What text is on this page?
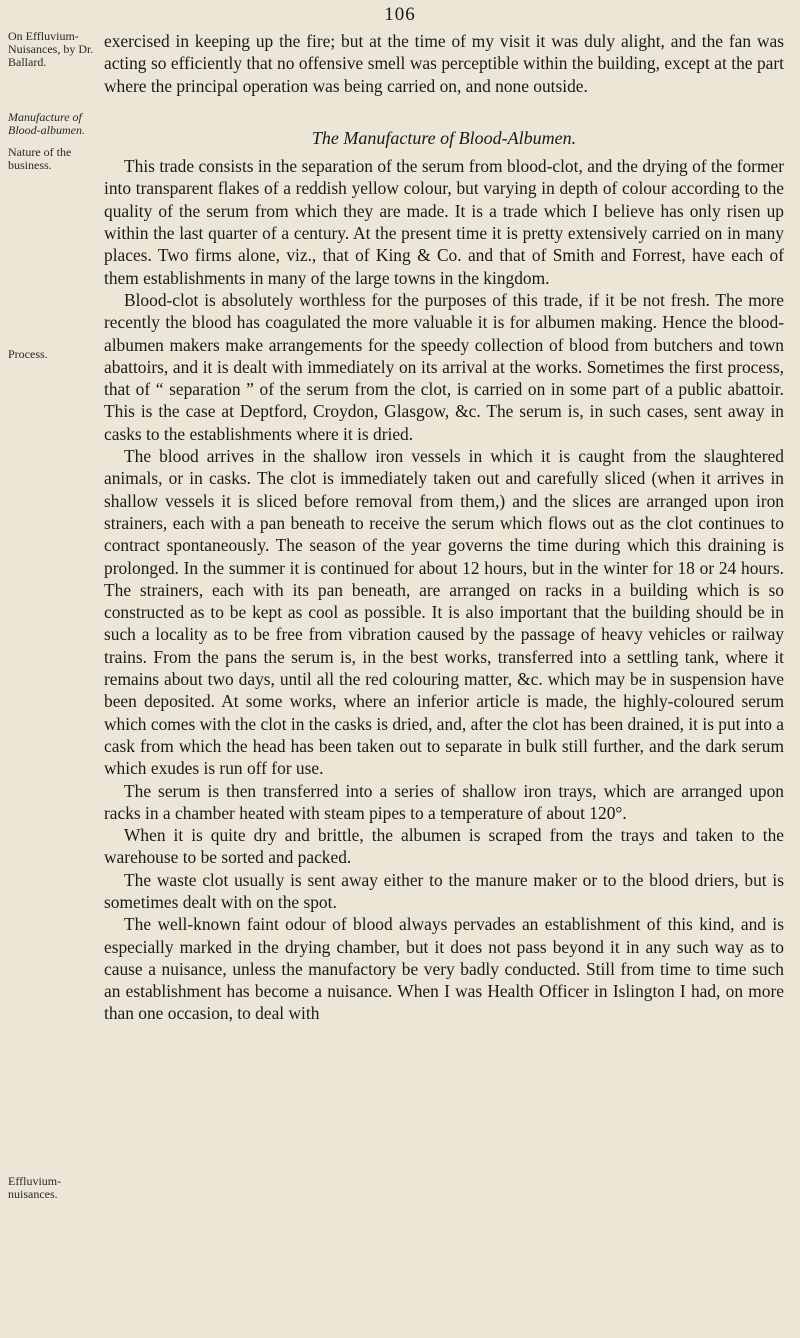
106
On Effluvium-Nuisances, by Dr. Ballard.
Manufacture of Blood-albumen.
Nature of the business.
Process.
Effluvium-nuisances.

exercised in keeping up the fire; but at the time of my visit it was duly alight, and the fan was acting so efficiently that no offensive smell was perceptible within the building, except at the part where the principal operation was being carried on, and none outside.

The Manufacture of Blood-Albumen.

This trade consists in the separation of the serum from blood-clot, and the drying of the former into transparent flakes of a reddish yellow colour, but varying in depth of colour according to the quality of the serum from which they are made. It is a trade which I believe has only risen up within the last quarter of a century. At the present time it is pretty extensively carried on in many places. Two firms alone, viz., that of King & Co. and that of Smith and Forrest, have each of them establishments in many of the large towns in the kingdom.

Blood-clot is absolutely worthless for the purposes of this trade, if it be not fresh. The more recently the blood has coagulated the more valuable it is for albumen making. Hence the blood-albumen makers make arrangements for the speedy collection of blood from butchers and town abattoirs, and it is dealt with immediately on its arrival at the works. Sometimes the first process, that of “ separation ” of the serum from the clot, is carried on in some part of a public abattoir. This is the case at Deptford, Croydon, Glasgow, &c. The serum is, in such cases, sent away in casks to the establishments where it is dried.

The blood arrives in the shallow iron vessels in which it is caught from the slaughtered animals, or in casks. The clot is immediately taken out and carefully sliced (when it arrives in shallow vessels it is sliced before removal from them,) and the slices are arranged upon iron strainers, each with a pan beneath to receive the serum which flows out as the clot continues to contract spontaneously. The season of the year governs the time during which this draining is prolonged. In the summer it is continued for about 12 hours, but in the winter for 18 or 24 hours. The strainers, each with its pan beneath, are arranged on racks in a building which is so constructed as to be kept as cool as possible. It is also important that the building should be in such a locality as to be free from vibration caused by the passage of heavy vehicles or railway trains. From the pans the serum is, in the best works, transferred into a settling tank, where it remains about two days, until all the red colouring matter, &c. which may be in suspension have been deposited. At some works, where an inferior article is made, the highly-coloured serum which comes with the clot in the casks is dried, and, after the clot has been drained, it is put into a cask from which the head has been taken out to separate in bulk still further, and the dark serum which exudes is run off for use.

The serum is then transferred into a series of shallow iron trays, which are arranged upon racks in a chamber heated with steam pipes to a temperature of about 120°.

When it is quite dry and brittle, the albumen is scraped from the trays and taken to the warehouse to be sorted and packed.

The waste clot usually is sent away either to the manure maker or to the blood driers, but is sometimes dealt with on the spot.

The well-known faint odour of blood always pervades an establishment of this kind, and is especially marked in the drying chamber, but it does not pass beyond it in any such way as to cause a nuisance, unless the manufactory be very badly conducted. Still from time to time such an establishment has become a nuisance. When I was Health Officer in Islington I had, on more than one occasion, to deal with
